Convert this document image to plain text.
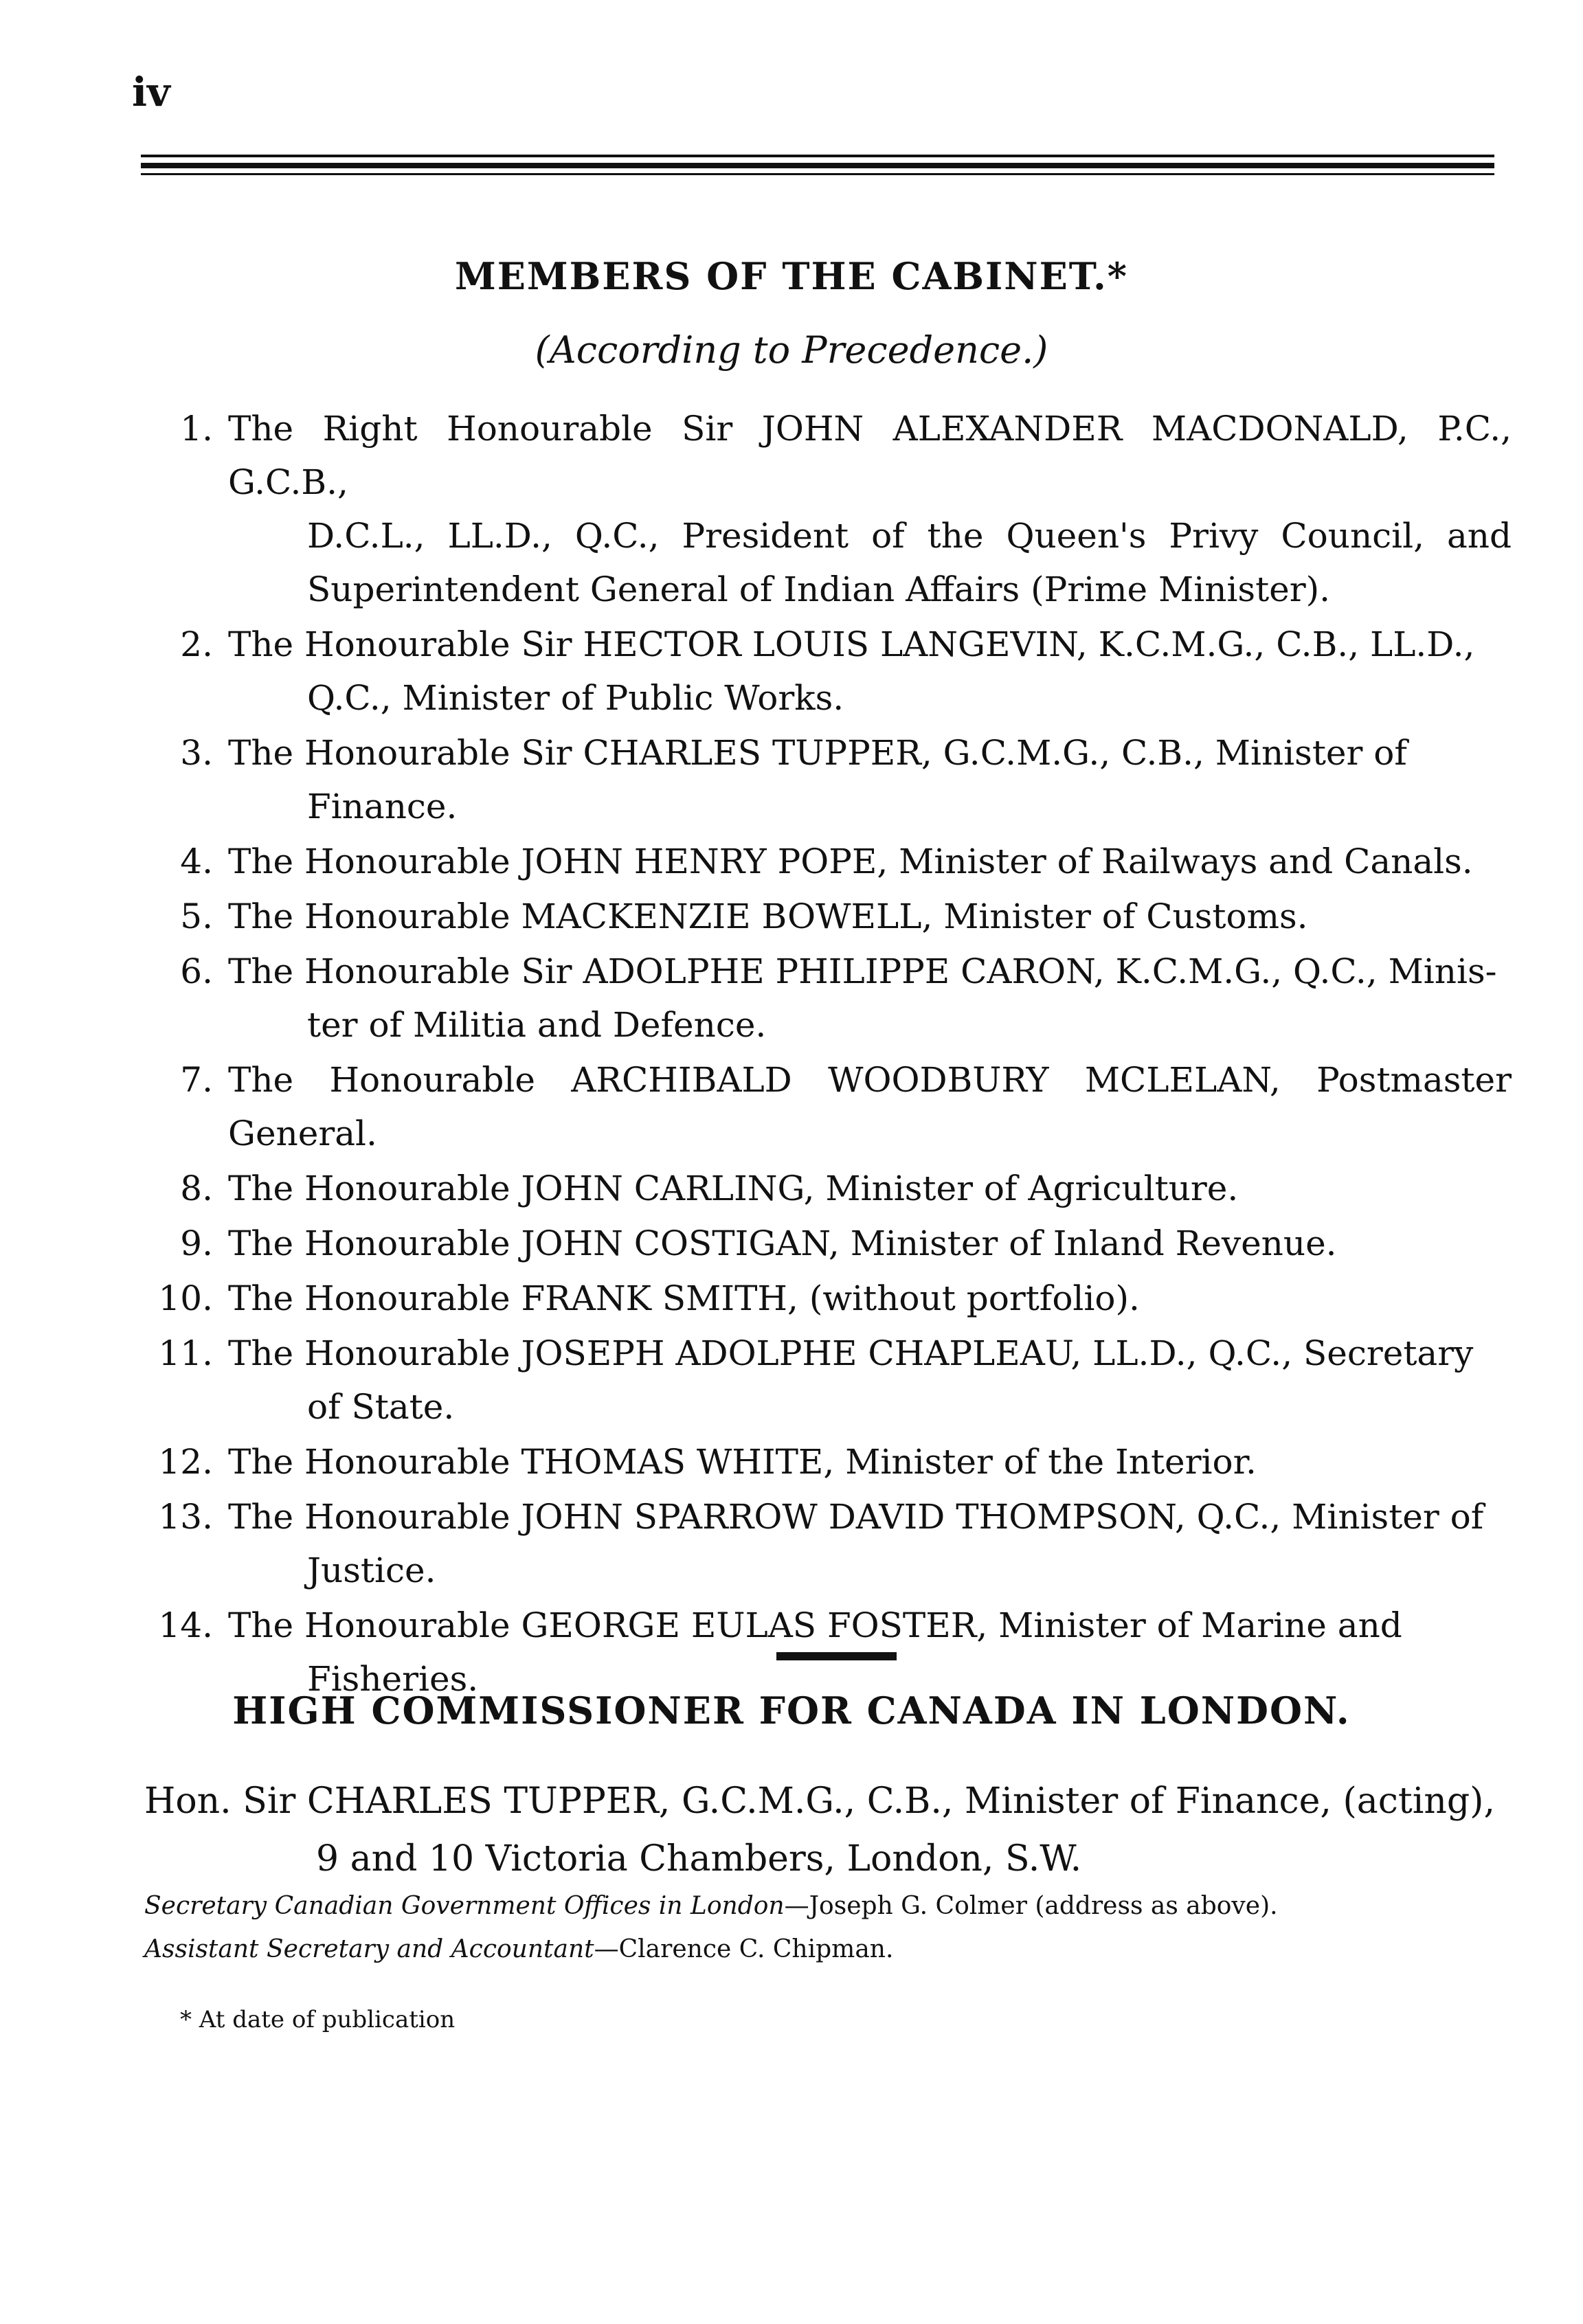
iv
MEMBERS OF THE CABINET.*
(According to Precedence.)
1. The Right Honourable Sir JOHN ALEXANDER MACDONALD, P.C., G.C.B.,
D.C.L., LL.D., Q.C., President of the Queen's Privy Council, and Superintendent General of Indian Affairs (Prime Minister).
2. The Honourable Sir HECTOR LOUIS LANGEVIN, K.C.M.G., C.B., LL.D.,
Q.C., Minister of Public Works.
3. The Honourable Sir CHARLES TUPPER, G.C.M.G., C.B., Minister of
Finance.
4. The Honourable JOHN HENRY POPE, Minister of Railways and Canals.
5. The Honourable MACKENZIE BOWELL, Minister of Customs.
6. The Honourable Sir ADOLPHE PHILIPPE CARON, K.C.M.G., Q.C., Minis-
ter of Militia and Defence.
7. The Honourable ARCHIBALD WOODBURY MCLELAN, Postmaster General.
8. The Honourable JOHN CARLING, Minister of Agriculture.
9. The Honourable JOHN COSTIGAN, Minister of Inland Revenue.
10. The Honourable FRANK SMITH, (without portfolio).
11. The Honourable JOSEPH ADOLPHE CHAPLEAU, LL.D., Q.C., Secretary
of State.
12. The Honourable THOMAS WHITE, Minister of the Interior.
13. The Honourable JOHN SPARROW DAVID THOMPSON, Q.C., Minister of
Justice.
14. The Honourable GEORGE EULAS FOSTER, Minister of Marine and
Fisheries.
HIGH COMMISSIONER FOR CANADA IN LONDON.
Hon. Sir CHARLES TUPPER, G.C.M.G., C.B., Minister of Finance, (acting),
9 and 10 Victoria Chambers, London, S.W.
Secretary Canadian Government Offices in London—Joseph G. Colmer (address as above).
Assistant Secretary and Accountant—Clarence C. Chipman.
* At date of publication
